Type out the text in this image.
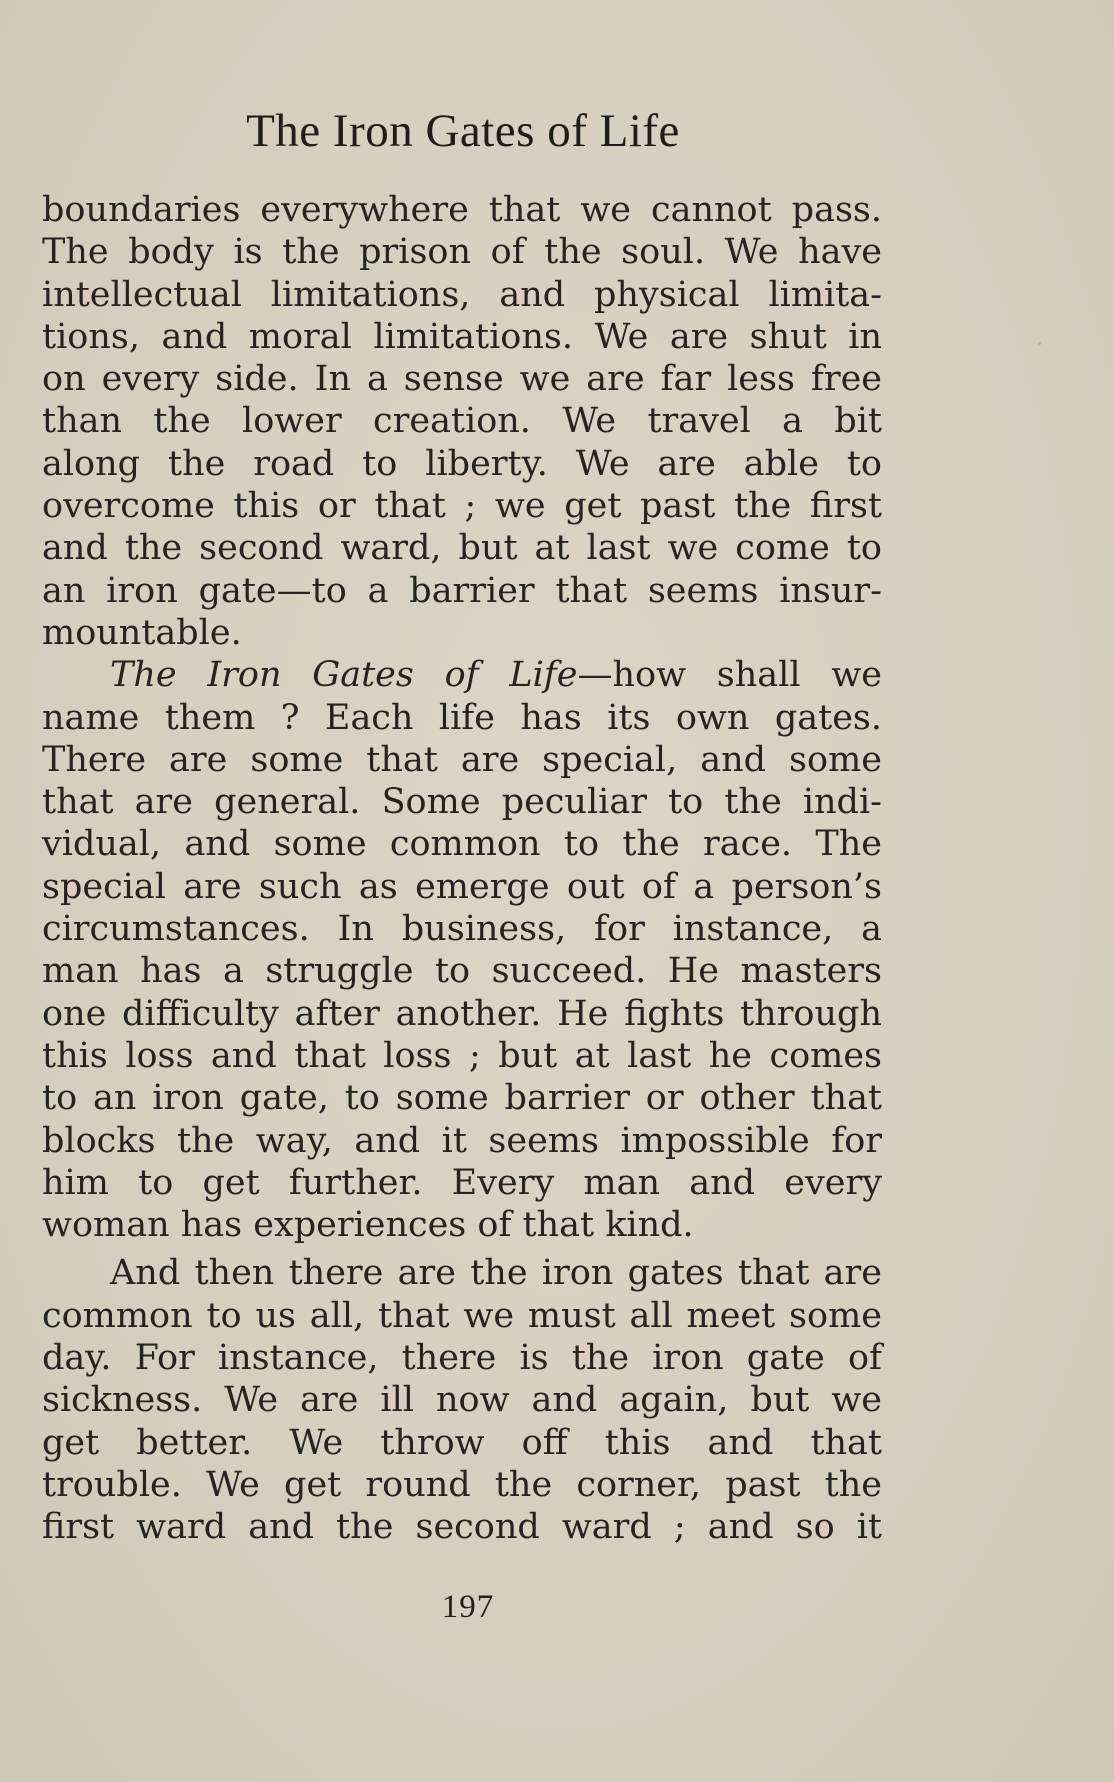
The Iron Gates of Life
boundaries everywhere that we cannot pass.
The body is the prison of the soul. We have
intellectual limitations, and physical limita-
tions, and moral limitations. We are shut in
on every side. In a sense we are far less free
than the lower creation. We travel a bit
along the road to liberty. We are able to
overcome this or that ; we get past the first
and the second ward, but at last we come to
an iron gate—to a barrier that seems insur-
mountable.
The Iron Gates of Life—how shall we
name them ? Each life has its own gates.
There are some that are special, and some
that are general. Some peculiar to the indi-
vidual, and some common to the race. The
special are such as emerge out of a person’s
circumstances. In business, for instance, a
man has a struggle to succeed. He masters
one difficulty after another. He fights through
this loss and that loss ; but at last he comes
to an iron gate, to some barrier or other that
blocks the way, and it seems impossible for
him to get further. Every man and every
woman has experiences of that kind.
And then there are the iron gates that are
common to us all, that we must all meet some
day. For instance, there is the iron gate of
sickness. We are ill now and again, but we
get better. We throw off this and that
trouble. We get round the corner, past the
first ward and the second ward ; and so it
197
